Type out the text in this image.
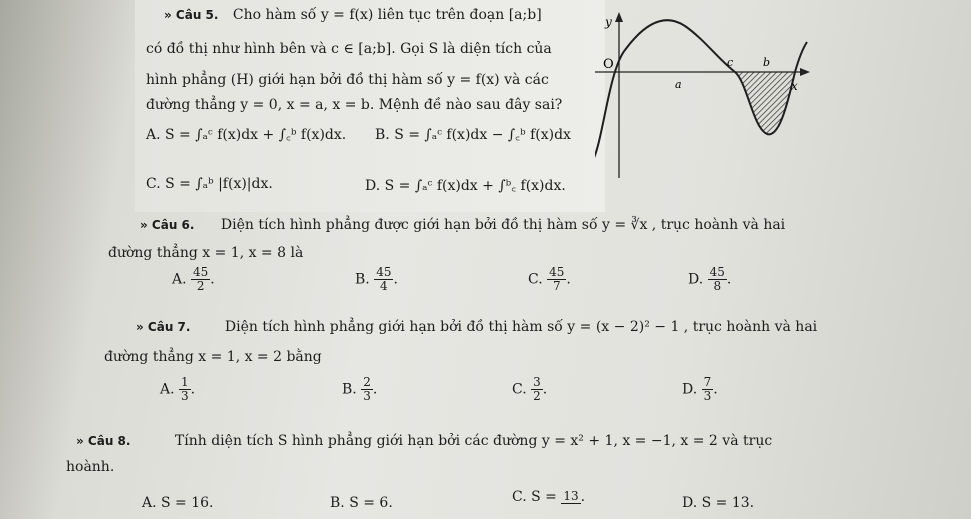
» Câu 5. Cho hàm số y = f(x) liên tục trên đoạn [a;b]
có đồ thị như hình bên và c ∈ [a;b]. Gọi S là diện tích của
hình phẳng (H) giới hạn bởi đồ thị hàm số y = f(x) và các
đường thẳng y = 0, x = a, x = b. Mệnh đề nào sau đây sai?
A. S = ∫ₐᶜ f(x)dx + ∫꜀ᵇ f(x)dx. B. S = ∫ₐᶜ f(x)dx − ∫꜀ᵇ f(x)dx
C. S = ∫ₐᵇ |f(x)|dx.	D. S = ∫ₐᶜ f(x)dx + ∫ᵇ꜀ f(x)dx.
y
O
a
c	b
x
» Câu 6. Diện tích hình phẳng được giới hạn bởi đồ thị hàm số y = ∛x , trục hoành và hai
đường thẳng x = 1, x = 8 là
A. $\frac{45}{2}$ .	B. $\frac{45}{4}$ .	C. $\frac{45}{7}$ .	D. $\frac{45}{8}$ .
» Câu 7. Diện tích hình phẳng giới hạn bởi đồ thị hàm số y = (x − 2)² − 1 , trục hoành và hai
đường thẳng x = 1, x = 2 bằng
A. $\frac{1}{3}$ .	B. $\frac{2}{3}$ .	C. $\frac{3}{2}$ .	D. $\frac{7}{3}$ .
» Câu 8.	Tính diện tích S hình phẳng giới hạn bởi các đường y = x² + 1, x = −1, x = 2 và trục
hoành.
A. S = 16.	B. S = 6.	C. S = 13 .	D. S = 13.
